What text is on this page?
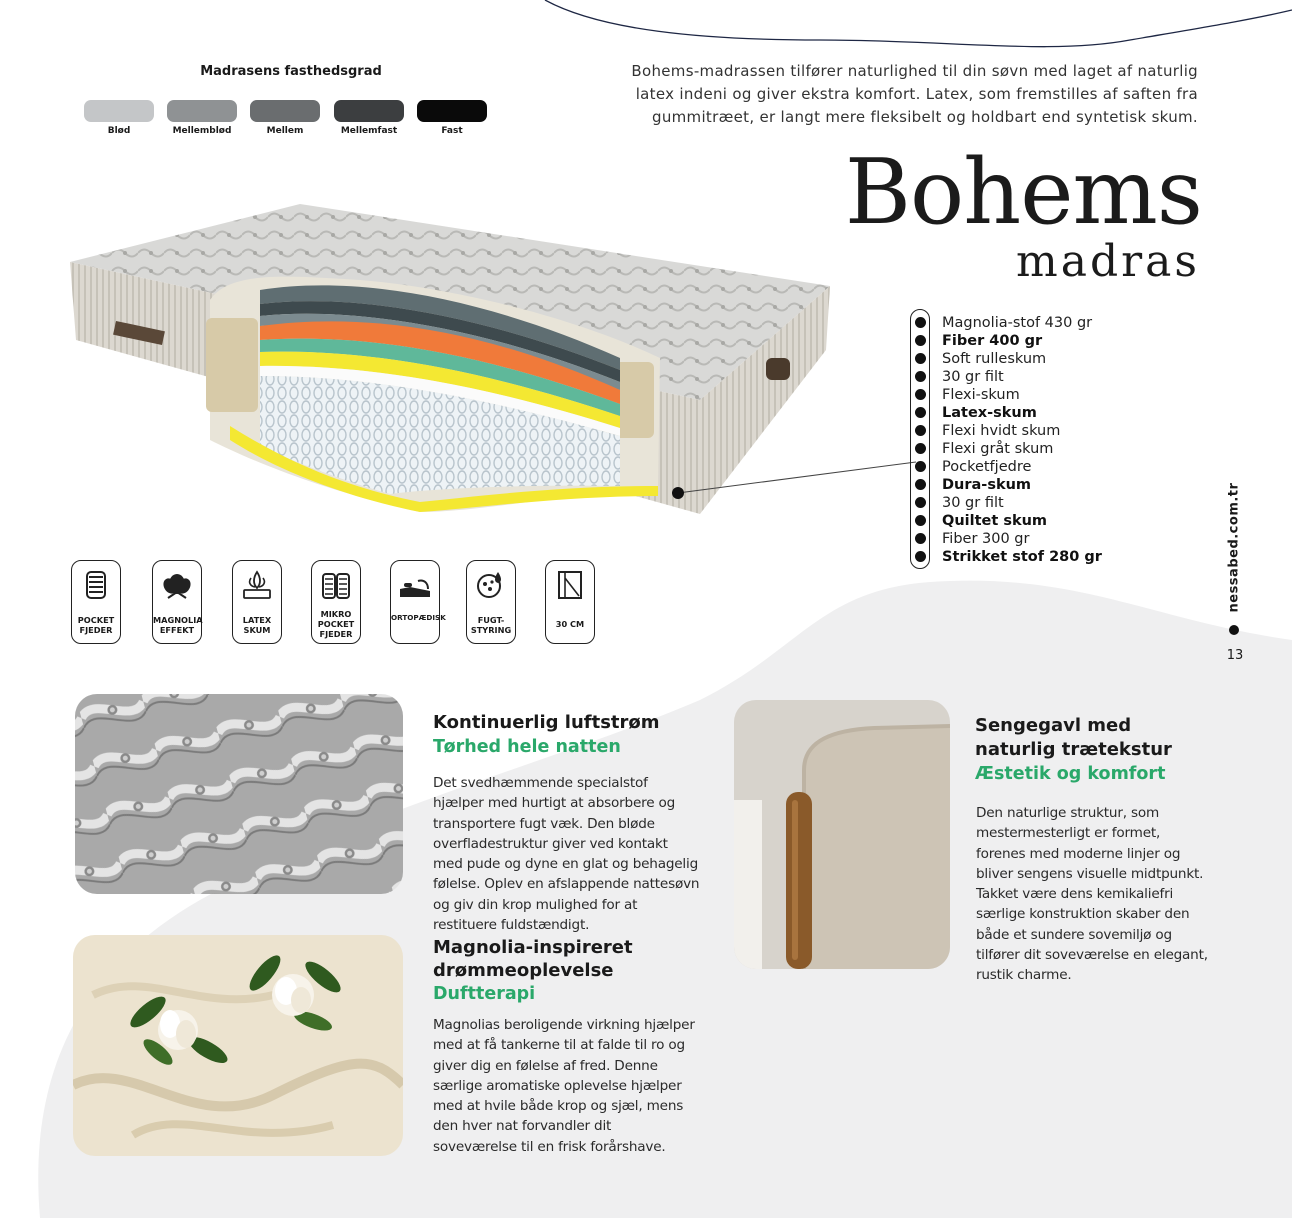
Madrasens fasthedsgrad
Blød	Mellemblød	Mellem	Mellemfast	Fast
Bohems-madrassen tilfører naturlighed til din søvn med laget af naturlig latex indeni og giver ekstra komfort. Latex, som fremstilles af saften fra gummitræet, er langt mere fleksibelt og holdbart end syntetisk skum.
Bohems
madras
Magnolia-stof 430 gr
Fiber 400 gr
Soft rulleskum
30 gr filt
Flexi-skum
Latex-skum
Flexi hvidt skum
Flexi gråt skum
Pocketfjedre
Dura-skum
30 gr filt
Quiltet skum
Fiber 300 gr
Strikket stof 280 gr	nessabed.com.tr
13
POCKET
FJEDER
MAGNOLIA
EFFEKT
LATEX
SKUM
MIKRO
POCKET
FJEDER
ORTOPÆDISK	FUGT-
STYRING
30 CM
Kontinuerlig luftstrøm
Tørhed hele natten
Det svedhæmmende specialstof hjælper med hurtigt at absorbere og transportere fugt væk. Den bløde overfladestruktur giver ved kontakt med pude og dyne en glat og behagelig følelse. Oplev en afslappende nattesøvn og giv din krop mulighed for at restituere fuldstændigt.
Magnolia-inspireret
drømmeoplevelse
Duftterapi
Magnolias beroligende virkning hjælper med at få tankerne til at falde til ro og giver dig en følelse af fred. Denne særlige aromatiske oplevelse hjælper med at hvile både krop og sjæl, mens den hver nat forvandler dit soveværelse til en frisk forårshave.
Sengegavl med
naturlig trætekstur
Æstetik og komfort
Den naturlige struktur, som mestermesterligt er formet, forenes med moderne linjer og bliver sengens visuelle midtpunkt. Takket være dens kemikaliefri særlige konstruktion skaber den både et sundere sovemiljø og tilfører dit soveværelse en elegant, rustik charme.
